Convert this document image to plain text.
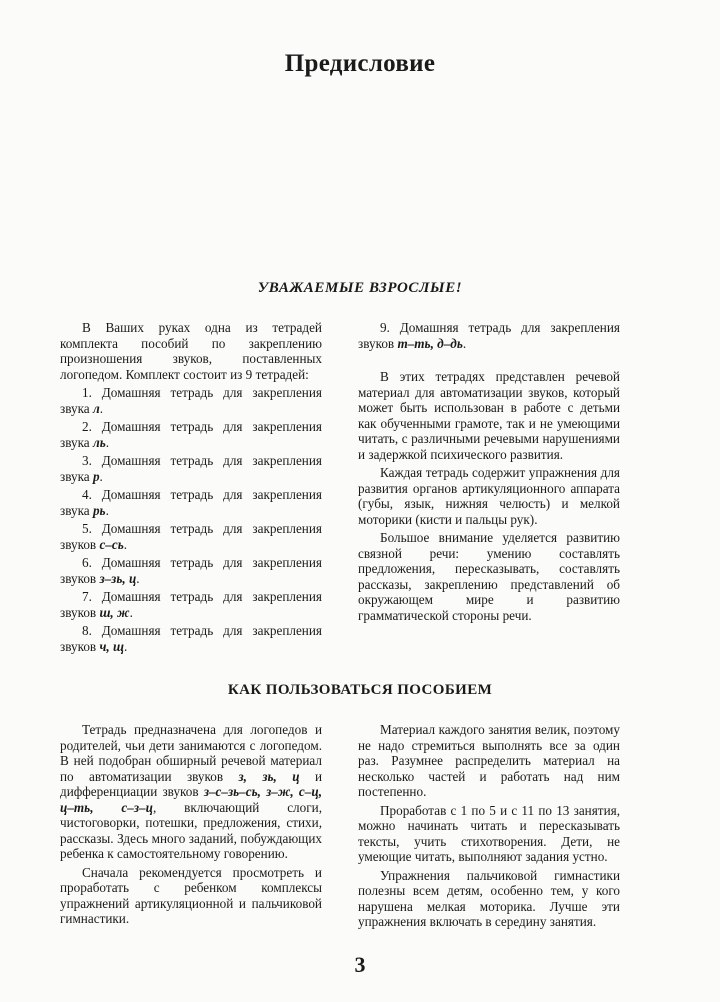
Предисловие
УВАЖАЕМЫЕ ВЗРОСЛЫЕ!

В Ваших руках одна из тетрадей комплекта пособий по закреплению произношения звуков, поставленных логопедом. Комплект состоит из 9 тетрадей:

1. Домашняя тетрадь для закрепления

звука л.

2. Домашняя тетрадь для закрепления

звука ль.

3. Домашняя тетрадь для закрепления

звука р.

4. Домашняя тетрадь для закрепления

звука рь.

5. Домашняя тетрадь для закрепления

звуков с–сь.

6. Домашняя тетрадь для закрепления

звуков з–зь, ц.

7. Домашняя тетрадь для закрепления

звуков ш, ж.

8. Домашняя тетрадь для закрепления

звуков ч, щ.

9. Домашняя тетрадь для закрепления

звуков т–ть, д–дь.

В этих тетрадях представлен речевой материал для автоматизации звуков, который может быть использован в работе с детьми как обученными грамоте, так и не умеющими читать, с различными речевыми нарушениями и задержкой психического развития.

Каждая тетрадь содержит упражнения для развития органов артикуляционного аппарата (губы, язык, нижняя челюсть) и мелкой моторики (кисти и пальцы рук).

Большое внимание уделяется развитию связной речи: умению составлять предложения, пересказывать, составлять рассказы, закреплению представлений об окружающем мире и развитию грамматической стороны речи.

КАК ПОЛЬЗОВАТЬСЯ ПОСОБИЕМ

Тетрадь предназначена для логопедов и родителей, чьи дети занимаются с логопедом. В ней подобран обширный речевой материал по автоматизации звуков з, зь, ц и дифференциации звуков з–с–зь–сь, з–ж, с–ц, ц–ть, с–з–ц, включающий слоги, чистоговорки, потешки, предложения, стихи, рассказы. Здесь много заданий, побуждающих ребенка к самостоятельному говорению.

Сначала рекомендуется просмотреть и проработать с ребенком комплексы упражнений артикуляционной и пальчиковой гимнастики.

Материал каждого занятия велик, поэтому не надо стремиться выполнять все за один раз. Разумнее распределить материал на несколько частей и работать над ним постепенно.

Проработав с 1 по 5 и с 11 по 13 занятия, можно начинать читать и пересказывать тексты, учить стихотворения. Дети, не умеющие читать, выполняют задания устно.

Упражнения пальчиковой гимнастики полезны всем детям, особенно тем, у кого нарушена мелкая моторика. Лучше эти упражнения включать в середину занятия.

3
